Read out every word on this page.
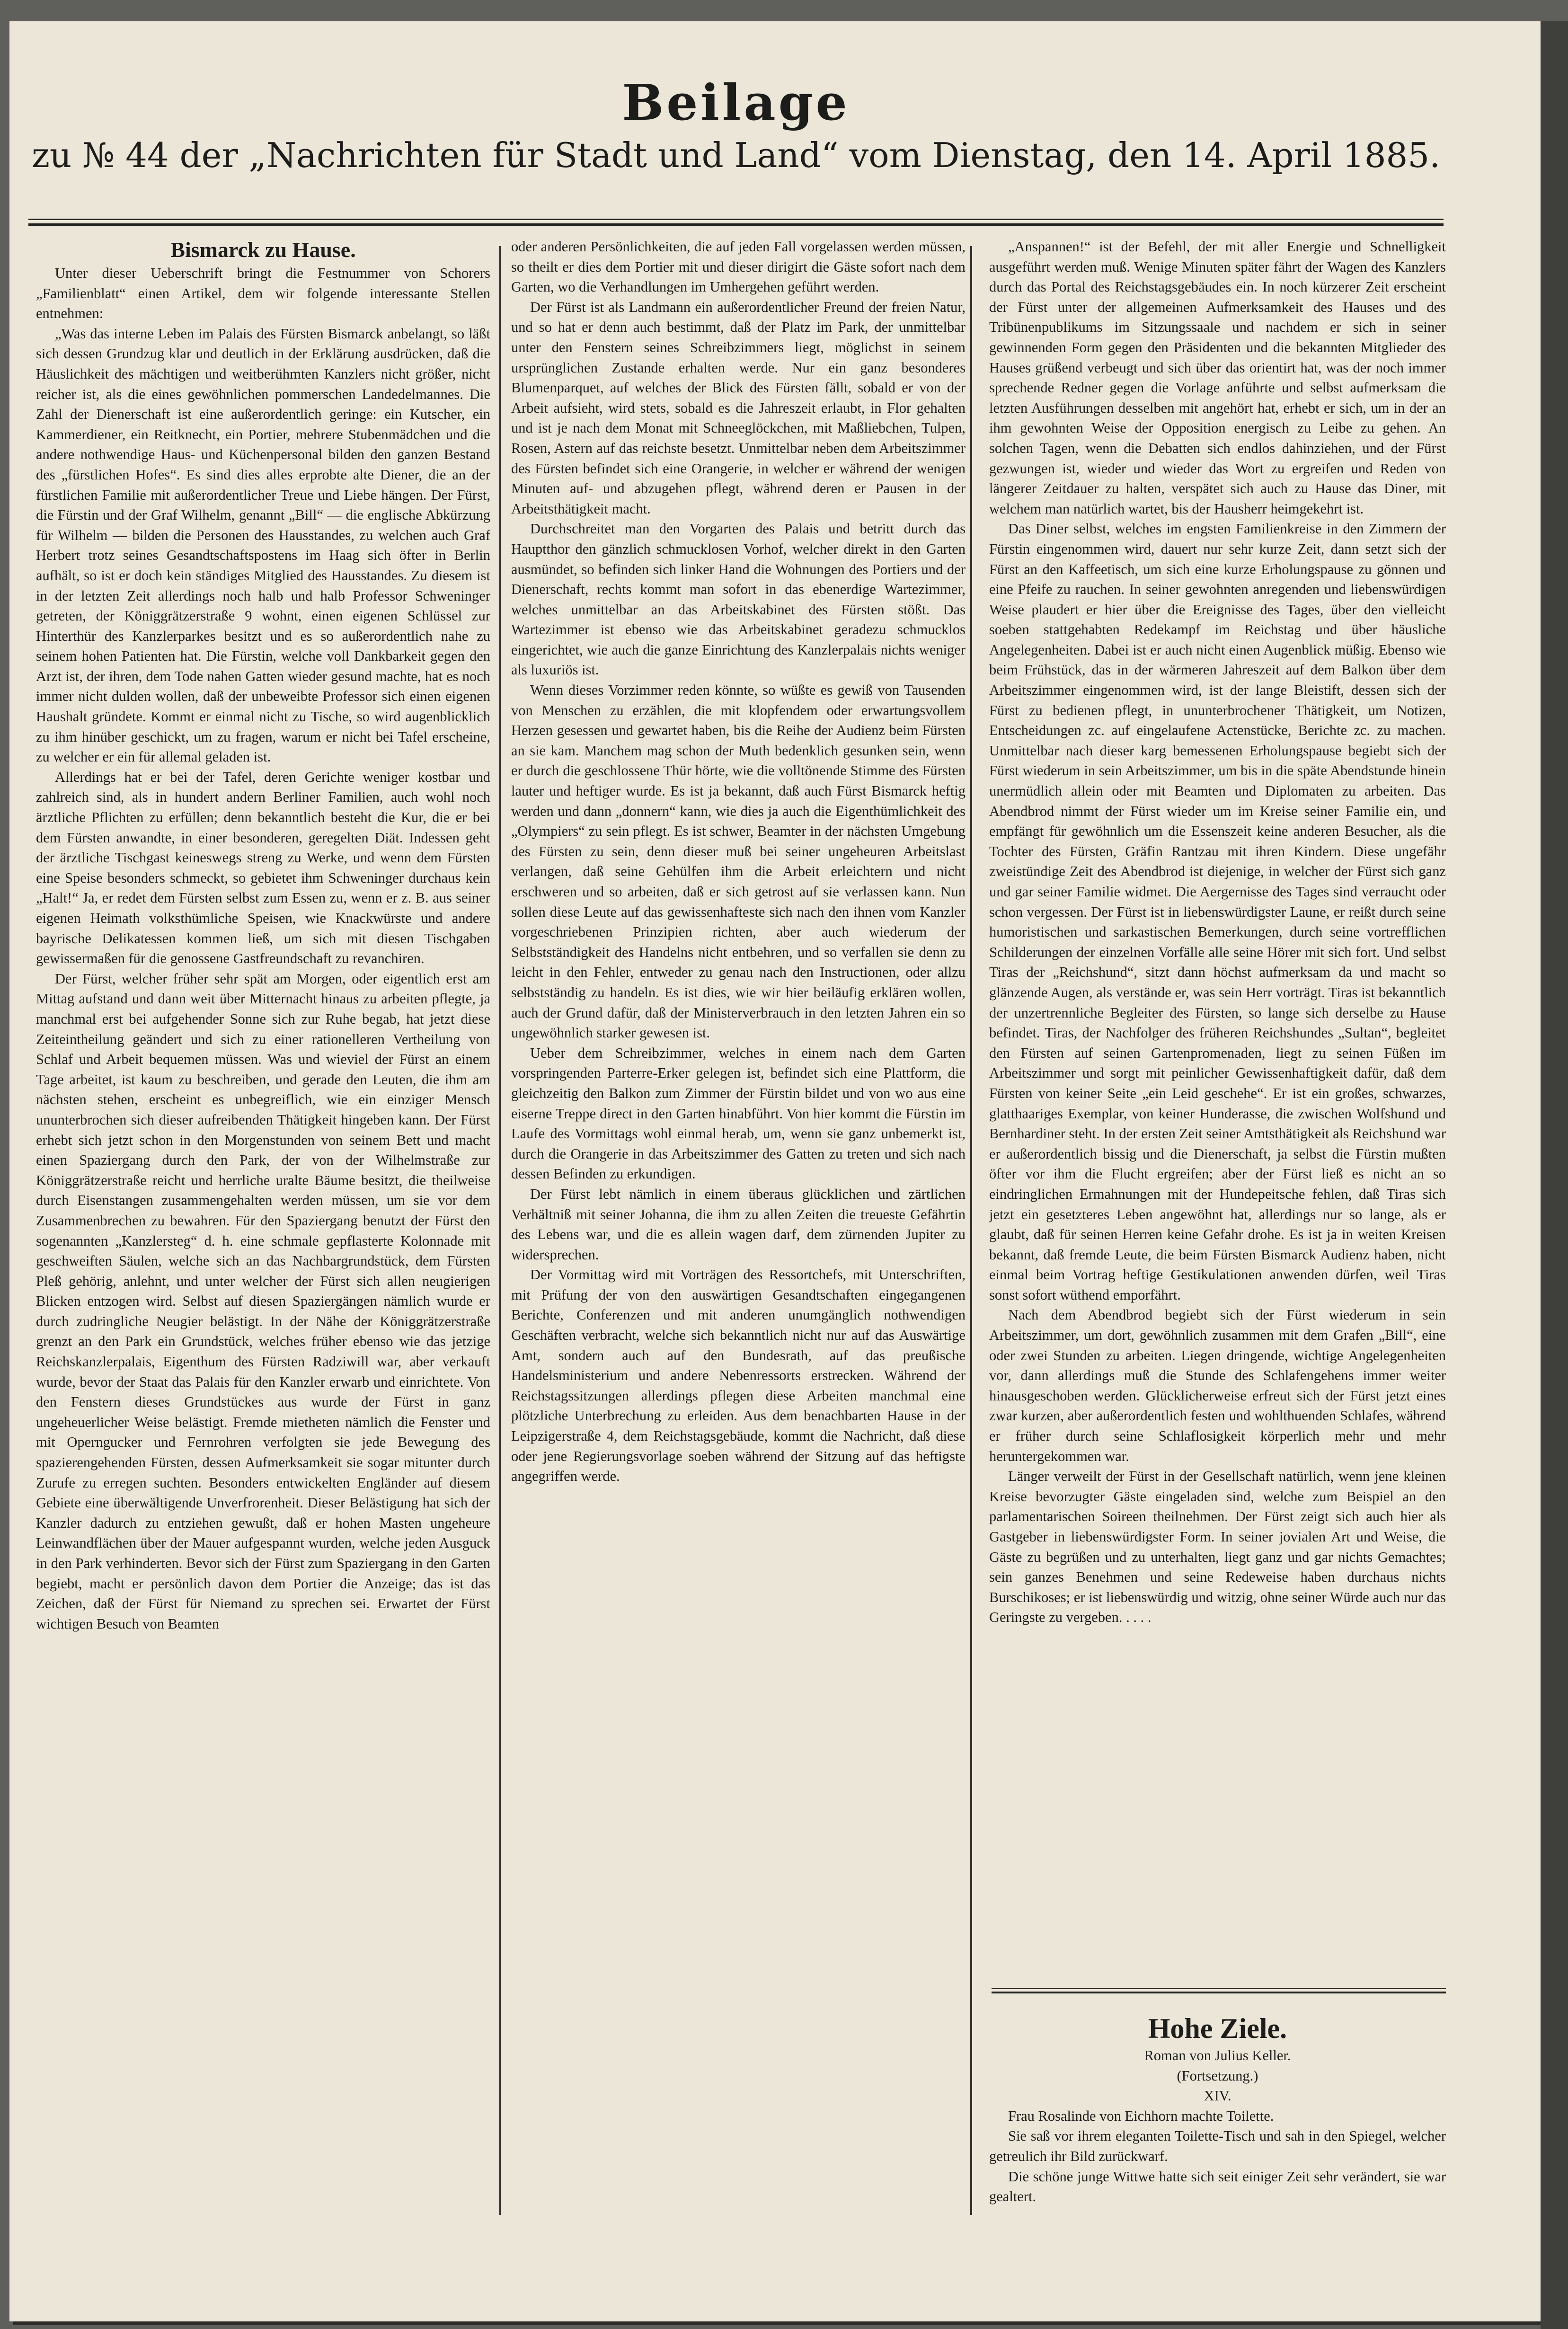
Beilage
zu № 44 der „Nachrichten für Stadt und Land“ vom Dienstag, den 14. April 1885.

Bismarck zu Hause.

Unter dieser Ueberschrift bringt die Festnummer von Schorers „Familienblatt“ einen Artikel, dem wir folgende interessante Stellen entnehmen:

„Was das interne Leben im Palais des Fürsten Bismarck anbelangt, so läßt sich dessen Grundzug klar und deutlich in der Erklärung ausdrücken, daß die Häuslichkeit des mächtigen und weitberühmten Kanzlers nicht größer, nicht reicher ist, als die eines gewöhnlichen pommerschen Landedelmannes. Die Zahl der Dienerschaft ist eine außerordentlich geringe: ein Kutscher, ein Kammerdiener, ein Reitknecht, ein Portier, mehrere Stubenmädchen und die andere nothwendige Haus- und Küchenpersonal bilden den ganzen Bestand des „fürstlichen Hofes“. Es sind dies alles erprobte alte Diener, die an der fürstlichen Familie mit außerordentlicher Treue und Liebe hängen. Der Fürst, die Fürstin und der Graf Wilhelm, genannt „Bill“ — die englische Abkürzung für Wilhelm — bilden die Personen des Hausstandes, zu welchen auch Graf Herbert trotz seines Gesandtschaftspostens im Haag sich öfter in Berlin aufhält, so ist er doch kein ständiges Mitglied des Hausstandes. Zu diesem ist in der letzten Zeit allerdings noch halb und halb Professor Schweninger getreten, der Königgrätzerstraße 9 wohnt, einen eigenen Schlüssel zur Hinterthür des Kanzlerparkes besitzt und es so außerordentlich nahe zu seinem hohen Patienten hat. Die Fürstin, welche voll Dankbarkeit gegen den Arzt ist, der ihren, dem Tode nahen Gatten wieder gesund machte, hat es noch immer nicht dulden wollen, daß der unbeweibte Professor sich einen eigenen Haushalt gründete. Kommt er einmal nicht zu Tische, so wird augenblicklich zu ihm hinüber geschickt, um zu fragen, warum er nicht bei Tafel erscheine, zu welcher er ein für allemal geladen ist.

Allerdings hat er bei der Tafel, deren Gerichte weniger kostbar und zahlreich sind, als in hundert andern Berliner Familien, auch wohl noch ärztliche Pflichten zu erfüllen; denn bekanntlich besteht die Kur, die er bei dem Fürsten anwandte, in einer besonderen, geregelten Diät. Indessen geht der ärztliche Tischgast keineswegs streng zu Werke, und wenn dem Fürsten eine Speise besonders schmeckt, so gebietet ihm Schweninger durchaus kein „Halt!“ Ja, er redet dem Fürsten selbst zum Essen zu, wenn er z. B. aus seiner eigenen Heimath volksthümliche Speisen, wie Knackwürste und andere bayrische Delikatessen kommen ließ, um sich mit diesen Tischgaben gewissermaßen für die genossene Gastfreundschaft zu revanchiren.

Der Fürst, welcher früher sehr spät am Morgen, oder eigentlich erst am Mittag aufstand und dann weit über Mitternacht hinaus zu arbeiten pflegte, ja manchmal erst bei aufgehender Sonne sich zur Ruhe begab, hat jetzt diese Zeiteintheilung geändert und sich zu einer rationelleren Vertheilung von Schlaf und Arbeit bequemen müssen. Was und wieviel der Fürst an einem Tage arbeitet, ist kaum zu beschreiben, und gerade den Leuten, die ihm am nächsten stehen, erscheint es unbegreiflich, wie ein einziger Mensch ununterbrochen sich dieser aufreibenden Thätigkeit hingeben kann. Der Fürst erhebt sich jetzt schon in den Morgenstunden von seinem Bett und macht einen Spaziergang durch den Park, der von der Wilhelmstraße zur Königgrätzerstraße reicht und herrliche uralte Bäume besitzt, die theilweise durch Eisenstangen zusammengehalten werden müssen, um sie vor dem Zusammenbrechen zu bewahren. Für den Spaziergang benutzt der Fürst den sogenannten „Kanzlersteg“ d. h. eine schmale gepflasterte Kolonnade mit geschweiften Säulen, welche sich an das Nachbargrundstück, dem Fürsten Pleß gehörig, anlehnt, und unter welcher der Fürst sich allen neugierigen Blicken entzogen wird. Selbst auf diesen Spaziergängen nämlich wurde er durch zudringliche Neugier belästigt. In der Nähe der Königgrätzerstraße grenzt an den Park ein Grundstück, welches früher ebenso wie das jetzige Reichskanzlerpalais, Eigenthum des Fürsten Radziwill war, aber verkauft wurde, bevor der Staat das Palais für den Kanzler erwarb und einrichtete. Von den Fenstern dieses Grundstückes aus wurde der Fürst in ganz ungeheuerlicher Weise belästigt. Fremde mietheten nämlich die Fenster und mit Operngucker und Fernrohren verfolgten sie jede Bewegung des spazierengehenden Fürsten, dessen Aufmerksamkeit sie sogar mitunter durch Zurufe zu erregen suchten. Besonders entwickelten Engländer auf diesem Gebiete eine überwältigende Unverfrorenheit. Dieser Belästigung hat sich der Kanzler dadurch zu entziehen gewußt, daß er hohen Masten ungeheure Leinwandflächen über der Mauer aufgespannt wurden, welche jeden Ausguck in den Park verhinderten. Bevor sich der Fürst zum Spaziergang in den Garten begiebt, macht er persönlich davon dem Portier die Anzeige; das ist das Zeichen, daß der Fürst für Niemand zu sprechen sei. Erwartet der Fürst wichtigen Besuch von Beamten

oder anderen Persönlichkeiten, die auf jeden Fall vorgelassen werden müssen, so theilt er dies dem Portier mit und dieser dirigirt die Gäste sofort nach dem Garten, wo die Verhandlungen im Umhergehen geführt werden.

Der Fürst ist als Landmann ein außerordentlicher Freund der freien Natur, und so hat er denn auch bestimmt, daß der Platz im Park, der unmittelbar unter den Fenstern seines Schreibzimmers liegt, möglichst in seinem ursprünglichen Zustande erhalten werde. Nur ein ganz besonderes Blumenparquet, auf welches der Blick des Fürsten fällt, sobald er von der Arbeit aufsieht, wird stets, sobald es die Jahreszeit erlaubt, in Flor gehalten und ist je nach dem Monat mit Schneeglöckchen, mit Maßliebchen, Tulpen, Rosen, Astern auf das reichste besetzt. Unmittelbar neben dem Arbeitszimmer des Fürsten befindet sich eine Orangerie, in welcher er während der wenigen Minuten auf- und abzugehen pflegt, während deren er Pausen in der Arbeitsthätigkeit macht.

Durchschreitet man den Vorgarten des Palais und betritt durch das Hauptthor den gänzlich schmucklosen Vorhof, welcher direkt in den Garten ausmündet, so befinden sich linker Hand die Wohnungen des Portiers und der Dienerschaft, rechts kommt man sofort in das ebenerdige Wartezimmer, welches unmittelbar an das Arbeitskabinet des Fürsten stößt. Das Wartezimmer ist ebenso wie das Arbeitskabinet geradezu schmucklos eingerichtet, wie auch die ganze Einrichtung des Kanzlerpalais nichts weniger als luxuriös ist.

Wenn dieses Vorzimmer reden könnte, so wüßte es gewiß von Tausenden von Menschen zu erzählen, die mit klopfendem oder erwartungsvollem Herzen gesessen und gewartet haben, bis die Reihe der Audienz beim Fürsten an sie kam. Manchem mag schon der Muth bedenklich gesunken sein, wenn er durch die geschlossene Thür hörte, wie die volltönende Stimme des Fürsten lauter und heftiger wurde. Es ist ja bekannt, daß auch Fürst Bismarck heftig werden und dann „donnern“ kann, wie dies ja auch die Eigenthümlichkeit des „Olympiers“ zu sein pflegt. Es ist schwer, Beamter in der nächsten Umgebung des Fürsten zu sein, denn dieser muß bei seiner ungeheuren Arbeitslast verlangen, daß seine Gehülfen ihm die Arbeit erleichtern und nicht erschweren und so arbeiten, daß er sich getrost auf sie verlassen kann. Nun sollen diese Leute auf das gewissenhafteste sich nach den ihnen vom Kanzler vorgeschriebenen Prinzipien richten, aber auch wiederum der Selbstständigkeit des Handelns nicht entbehren, und so verfallen sie denn zu leicht in den Fehler, entweder zu genau nach den Instructionen, oder allzu selbstständig zu handeln. Es ist dies, wie wir hier beiläufig erklären wollen, auch der Grund dafür, daß der Ministerverbrauch in den letzten Jahren ein so ungewöhnlich starker gewesen ist.

Ueber dem Schreibzimmer, welches in einem nach dem Garten vorspringenden Parterre-Erker gelegen ist, befindet sich eine Plattform, die gleichzeitig den Balkon zum Zimmer der Fürstin bildet und von wo aus eine eiserne Treppe direct in den Garten hinabführt. Von hier kommt die Fürstin im Laufe des Vormittags wohl einmal herab, um, wenn sie ganz unbemerkt ist, durch die Orangerie in das Arbeitszimmer des Gatten zu treten und sich nach dessen Befinden zu erkundigen.

Der Fürst lebt nämlich in einem überaus glücklichen und zärtlichen Verhältniß mit seiner Johanna, die ihm zu allen Zeiten die treueste Gefährtin des Lebens war, und die es allein wagen darf, dem zürnenden Jupiter zu widersprechen.

Der Vormittag wird mit Vorträgen des Ressortchefs, mit Unterschriften, mit Prüfung der von den auswärtigen Gesandtschaften eingegangenen Berichte, Conferenzen und mit anderen unumgänglich nothwendigen Geschäften verbracht, welche sich bekanntlich nicht nur auf das Auswärtige Amt, sondern auch auf den Bundesrath, auf das preußische Handelsministerium und andere Nebenressorts erstrecken. Während der Reichstagssitzungen allerdings pflegen diese Arbeiten manchmal eine plötzliche Unterbrechung zu erleiden. Aus dem benachbarten Hause in der Leipzigerstraße 4, dem Reichstagsgebäude, kommt die Nachricht, daß diese oder jene Regierungsvorlage soeben während der Sitzung auf das heftigste angegriffen werde.

„Anspannen!“ ist der Befehl, der mit aller Energie und Schnelligkeit ausgeführt werden muß. Wenige Minuten später fährt der Wagen des Kanzlers durch das Portal des Reichstagsgebäudes ein. In noch kürzerer Zeit erscheint der Fürst unter der allgemeinen Aufmerksamkeit des Hauses und des Tribünenpublikums im Sitzungssaale und nachdem er sich in seiner gewinnenden Form gegen den Präsidenten und die bekannten Mitglieder des Hauses grüßend verbeugt und sich über das orientirt hat, was der noch immer sprechende Redner gegen die Vorlage anführte und selbst aufmerksam die letzten Ausführungen desselben mit angehört hat, erhebt er sich, um in der an ihm gewohnten Weise der Opposition energisch zu Leibe zu gehen. An solchen Tagen, wenn die Debatten sich endlos dahinziehen, und der Fürst gezwungen ist, wieder und wieder das Wort zu ergreifen und Reden von längerer Zeitdauer zu halten, verspätet sich auch zu Hause das Diner, mit welchem man natürlich wartet, bis der Hausherr heimgekehrt ist.

Das Diner selbst, welches im engsten Familienkreise in den Zimmern der Fürstin eingenommen wird, dauert nur sehr kurze Zeit, dann setzt sich der Fürst an den Kaffeetisch, um sich eine kurze Erholungspause zu gönnen und eine Pfeife zu rauchen. In seiner gewohnten anregenden und liebenswürdigen Weise plaudert er hier über die Ereignisse des Tages, über den vielleicht soeben stattgehabten Redekampf im Reichstag und über häusliche Angelegenheiten. Dabei ist er auch nicht einen Augenblick müßig. Ebenso wie beim Frühstück, das in der wärmeren Jahreszeit auf dem Balkon über dem Arbeitszimmer eingenommen wird, ist der lange Bleistift, dessen sich der Fürst zu bedienen pflegt, in ununterbrochener Thätigkeit, um Notizen, Entscheidungen zc. auf eingelaufene Actenstücke, Berichte zc. zu machen. Unmittelbar nach dieser karg bemessenen Erholungspause begiebt sich der Fürst wiederum in sein Arbeitszimmer, um bis in die späte Abendstunde hinein unermüdlich allein oder mit Beamten und Diplomaten zu arbeiten. Das Abendbrod nimmt der Fürst wieder um im Kreise seiner Familie ein, und empfängt für gewöhnlich um die Essenszeit keine anderen Besucher, als die Tochter des Fürsten, Gräfin Rantzau mit ihren Kindern. Diese ungefähr zweistündige Zeit des Abendbrod ist diejenige, in welcher der Fürst sich ganz und gar seiner Familie widmet. Die Aergernisse des Tages sind verraucht oder schon vergessen. Der Fürst ist in liebenswürdigster Laune, er reißt durch seine humoristischen und sarkastischen Bemerkungen, durch seine vortrefflichen Schilderungen der einzelnen Vorfälle alle seine Hörer mit sich fort. Und selbst Tiras der „Reichshund“, sitzt dann höchst aufmerksam da und macht so glänzende Augen, als verstände er, was sein Herr vorträgt. Tiras ist bekanntlich der unzertrennliche Begleiter des Fürsten, so lange sich derselbe zu Hause befindet. Tiras, der Nachfolger des früheren Reichshundes „Sultan“, begleitet den Fürsten auf seinen Gartenpromenaden, liegt zu seinen Füßen im Arbeitszimmer und sorgt mit peinlicher Gewissenhaftigkeit dafür, daß dem Fürsten von keiner Seite „ein Leid geschehe“. Er ist ein großes, schwarzes, glatthaariges Exemplar, von keiner Hunderasse, die zwischen Wolfshund und Bernhardiner steht. In der ersten Zeit seiner Amtsthätigkeit als Reichshund war er außerordentlich bissig und die Dienerschaft, ja selbst die Fürstin mußten öfter vor ihm die Flucht ergreifen; aber der Fürst ließ es nicht an so eindringlichen Ermahnungen mit der Hundepeitsche fehlen, daß Tiras sich jetzt ein gesetzteres Leben angewöhnt hat, allerdings nur so lange, als er glaubt, daß für seinen Herren keine Gefahr drohe. Es ist ja in weiten Kreisen bekannt, daß fremde Leute, die beim Fürsten Bismarck Audienz haben, nicht einmal beim Vortrag heftige Gestikulationen anwenden dürfen, weil Tiras sonst sofort wüthend emporfährt.

Nach dem Abendbrod begiebt sich der Fürst wiederum in sein Arbeitszimmer, um dort, gewöhnlich zusammen mit dem Grafen „Bill“, eine oder zwei Stunden zu arbeiten. Liegen dringende, wichtige Angelegenheiten vor, dann allerdings muß die Stunde des Schlafengehens immer weiter hinausgeschoben werden. Glücklicherweise erfreut sich der Fürst jetzt eines zwar kurzen, aber außerordentlich festen und wohlthuenden Schlafes, während er früher durch seine Schlaflosigkeit körperlich mehr und mehr heruntergekommen war.

Länger verweilt der Fürst in der Gesellschaft natürlich, wenn jene kleinen Kreise bevorzugter Gäste eingeladen sind, welche zum Beispiel an den parlamentarischen Soireen theilnehmen. Der Fürst zeigt sich auch hier als Gastgeber in liebenswürdigster Form. In seiner jovialen Art und Weise, die Gäste zu begrüßen und zu unterhalten, liegt ganz und gar nichts Gemachtes; sein ganzes Benehmen und seine Redeweise haben durchaus nichts Burschikoses; er ist liebenswürdig und witzig, ohne seiner Würde auch nur das Geringste zu vergeben. . . . .

Hohe Ziele.

Roman von Julius Keller.

(Fortsetzung.)

XIV.

Frau Rosalinde von Eichhorn machte Toilette.

Sie saß vor ihrem eleganten Toilette-Tisch und sah in den Spiegel, welcher getreulich ihr Bild zurückwarf.

Die schöne junge Wittwe hatte sich seit einiger Zeit sehr verändert, sie war gealtert.
